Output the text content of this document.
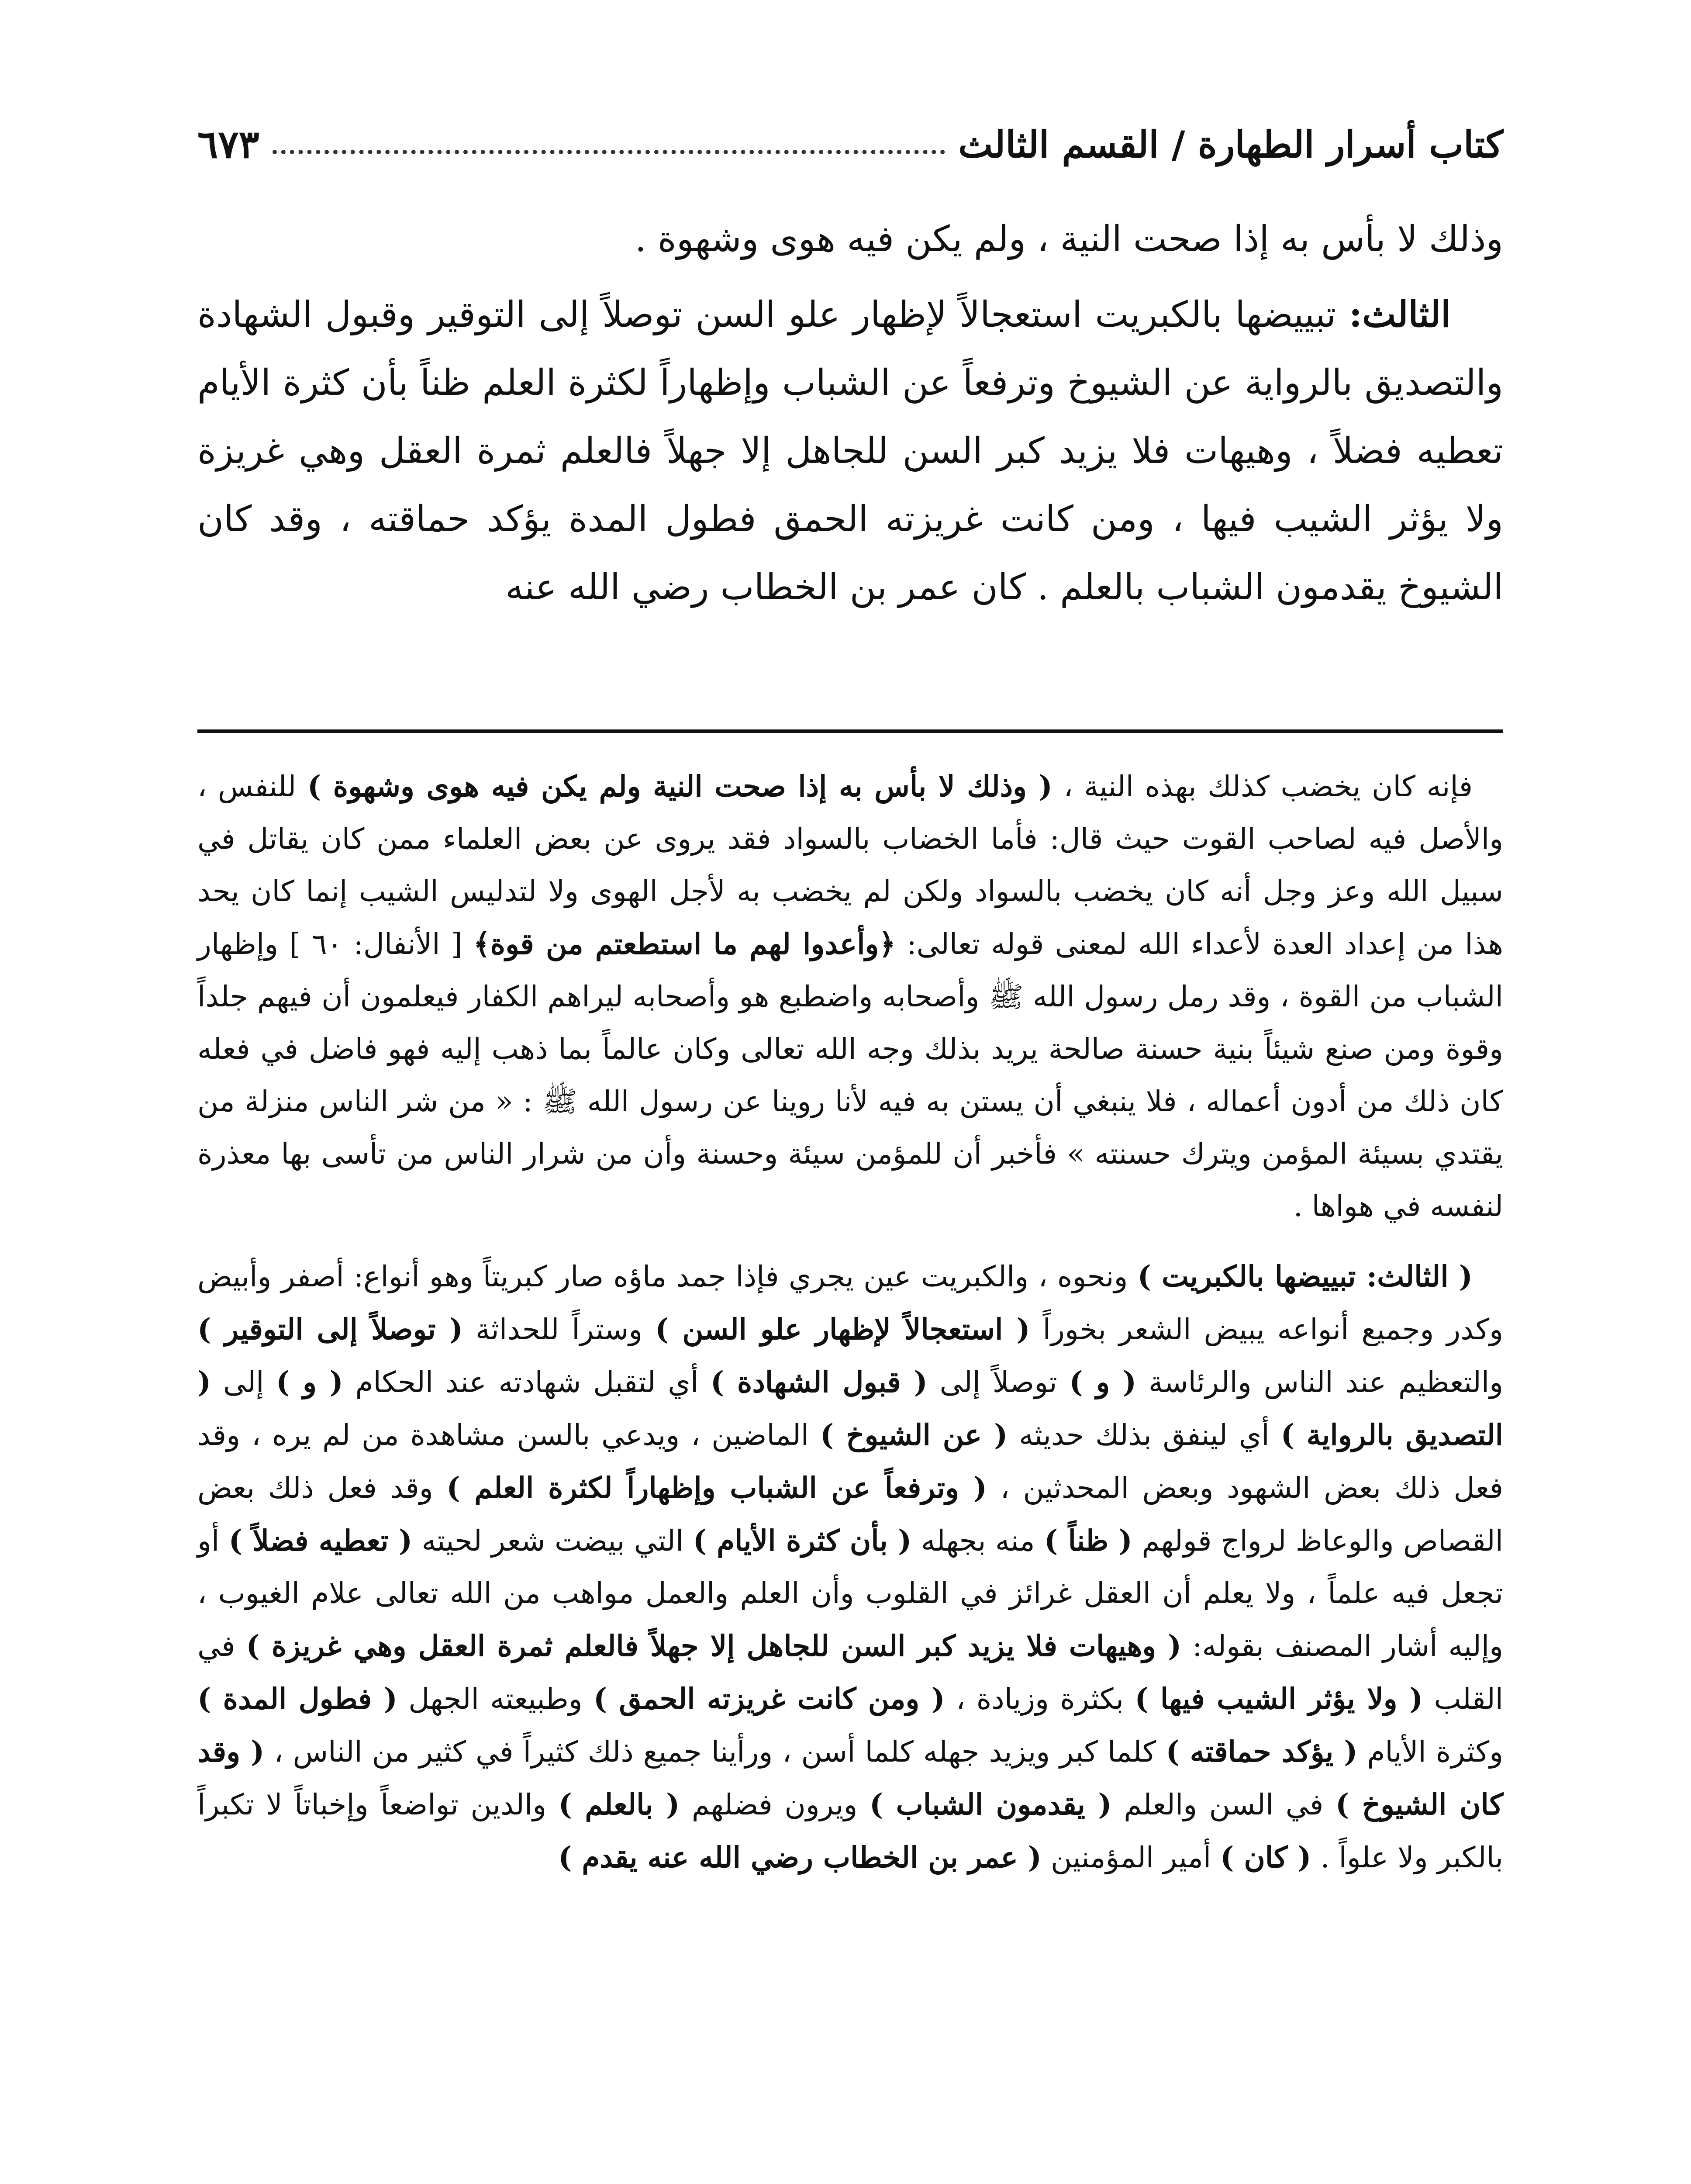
كتاب أسرار الطهارة / القسم الثالث
٦٧٣

وذلك لا بأس به إذا صحت النية ، ولم يكن فيه هوى وشهوة .

الثالث: تبييضها بالكبريت استعجالاً لإظهار علو السن توصلاً إلى التوقير وقبول الشهادة والتصديق بالرواية عن الشيوخ وترفعاً عن الشباب وإظهاراً لكثرة العلم ظناً بأن كثرة الأيام تعطيه فضلاً ، وهيهات فلا يزيد كبر السن للجاهل إلا جهلاً فالعلم ثمرة العقل وهي غريزة ولا يؤثر الشيب فيها ، ومن كانت غريزته الحمق فطول المدة يؤكد حماقته ، وقد كان الشيوخ يقدمون الشباب بالعلم . كان عمر بن الخطاب رضي الله عنه

فإنه كان يخضب كذلك بهذه النية ، ( وذلك لا بأس به إذا صحت النية ولم يكن فيه هوى وشهوة ) للنفس ، والأصل فيه لصاحب القوت حيث قال: فأما الخضاب بالسواد فقد يروى عن بعض العلماء ممن كان يقاتل في سبيل الله وعز وجل أنه كان يخضب بالسواد ولكن لم يخضب به لأجل الهوى ولا لتدليس الشيب إنما كان يحد هذا من إعداد العدة لأعداء الله لمعنى قوله تعالى: ﴿وأعدوا لهم ما استطعتم من قوة﴾ [ الأنفال: ٦٠ ] وإظهار الشباب من القوة ، وقد رمل رسول الله ﷺ وأصحابه واضطبع هو وأصحابه ليراهم الكفار فيعلمون أن فيهم جلداً وقوة ومن صنع شيئاً بنية حسنة صالحة يريد بذلك وجه الله تعالى وكان عالماً بما ذهب إليه فهو فاضل في فعله كان ذلك من أدون أعماله ، فلا ينبغي أن يستن به فيه لأنا روينا عن رسول الله ﷺ : « من شر الناس منزلة من يقتدي بسيئة المؤمن ويترك حسنته » فأخبر أن للمؤمن سيئة وحسنة وأن من شرار الناس من تأسى بها معذرة لنفسه في هواها .

( الثالث: تبييضها بالكبريت ) ونحوه ، والكبريت عين يجري فإذا جمد ماؤه صار كبريتاً وهو أنواع: أصفر وأبيض وكدر وجميع أنواعه يبيض الشعر بخوراً ( استعجالاً لإظهار علو السن ) وستراً للحداثة ( توصلاً إلى التوقير ) والتعظيم عند الناس والرئاسة ( و ) توصلاً إلى ( قبول الشهادة ) أي لتقبل شهادته عند الحكام ( و ) إلى ( التصديق بالرواية ) أي لينفق بذلك حديثه ( عن الشيوخ ) الماضين ، ويدعي بالسن مشاهدة من لم يره ، وقد فعل ذلك بعض الشهود وبعض المحدثين ، ( وترفعاً عن الشباب وإظهاراً لكثرة العلم ) وقد فعل ذلك بعض القصاص والوعاظ لرواج قولهم ( ظناً ) منه بجهله ( بأن كثرة الأيام ) التي بيضت شعر لحيته ( تعطيه فضلاً ) أو تجعل فيه علماً ، ولا يعلم أن العقل غرائز في القلوب وأن العلم والعمل مواهب من الله تعالى علام الغيوب ، وإليه أشار المصنف بقوله: ( وهيهات فلا يزيد كبر السن للجاهل إلا جهلاً فالعلم ثمرة العقل وهي غريزة ) في القلب ( ولا يؤثر الشيب فيها ) بكثرة وزيادة ، ( ومن كانت غريزته الحمق ) وطبيعته الجهل ( فطول المدة ) وكثرة الأيام ( يؤكد حماقته ) كلما كبر ويزيد جهله كلما أسن ، ورأينا جميع ذلك كثيراً في كثير من الناس ، ( وقد كان الشيوخ ) في السن والعلم ( يقدمون الشباب ) ويرون فضلهم ( بالعلم ) والدين تواضعاً وإخباتاً لا تكبراً بالكبر ولا علواً . ( كان ) أمير المؤمنين ( عمر بن الخطاب رضي الله عنه يقدم )
